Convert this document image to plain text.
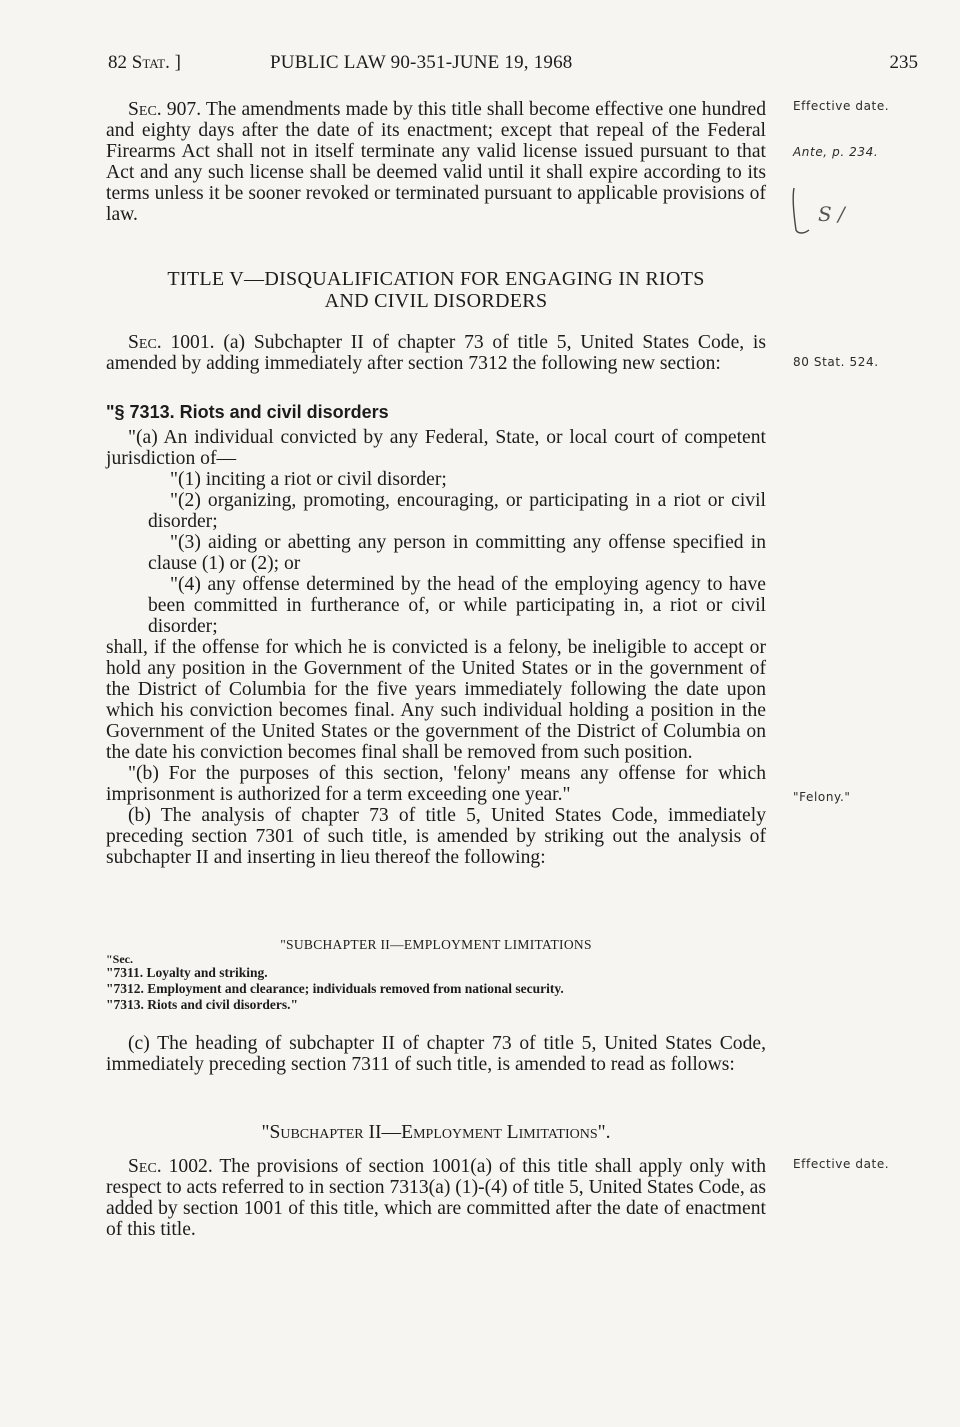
82 Stat. ]	PUBLIC LAW 90-351-JUNE 19, 1968	235

Sec. 907. The amendments made by this title shall become effective one hundred and eighty days after the date of its enactment; except that repeal of the Federal Firearms Act shall not in itself terminate any valid license issued pursuant to that Act and any such license shall be deemed valid until it shall expire according to its terms unless it be sooner revoked or terminated pursuant to applicable provisions of law.

TITLE V—DISQUALIFICATION FOR ENGAGING IN RIOTS

AND CIVIL DISORDERS

Sec. 1001. (a) Subchapter II of chapter 73 of title 5, United States Code, is amended by adding immediately after section 7312 the following new section:

"§ 7313. Riots and civil disorders

"(a) An individual convicted by any Federal, State, or local court of competent jurisdiction of—

"(1) inciting a riot or civil disorder;

"(2) organizing, promoting, encouraging, or participating in a riot or civil disorder;

"(3) aiding or abetting any person in committing any offense specified in clause (1) or (2); or

"(4) any offense determined by the head of the employing agency to have been committed in furtherance of, or while participating in, a riot or civil disorder;

shall, if the offense for which he is convicted is a felony, be ineligible to accept or hold any position in the Government of the United States or in the government of the District of Columbia for the five years immediately following the date upon which his conviction becomes final. Any such individual holding a position in the Government of the United States or the government of the District of Columbia on the date his conviction becomes final shall be removed from such position.

"(b) For the purposes of this section, 'felony' means any offense for which imprisonment is authorized for a term exceeding one year."

(b) The analysis of chapter 73 of title 5, United States Code, immediately preceding section 7301 of such title, is amended by striking out the analysis of subchapter II and inserting in lieu thereof the following:

"SUBCHAPTER II—EMPLOYMENT LIMITATIONS
"Sec.
"7311. Loyalty and striking.
"7312. Employment and clearance; individuals removed from national security.
"7313. Riots and civil disorders."

(c) The heading of subchapter II of chapter 73 of title 5, United States Code, immediately preceding section 7311 of such title, is amended to read as follows:

"Subchapter II—Employment Limitations".

Sec. 1002. The provisions of section 1001(a) of this title shall apply only with respect to acts referred to in section 7313(a) (1)-(4) of title 5, United States Code, as added by section 1001 of this title, which are committed after the date of enactment of this title.

Effective date.
Ante, p. 234.
S /
80 Stat. 524.
"Felony."
Effective date.
